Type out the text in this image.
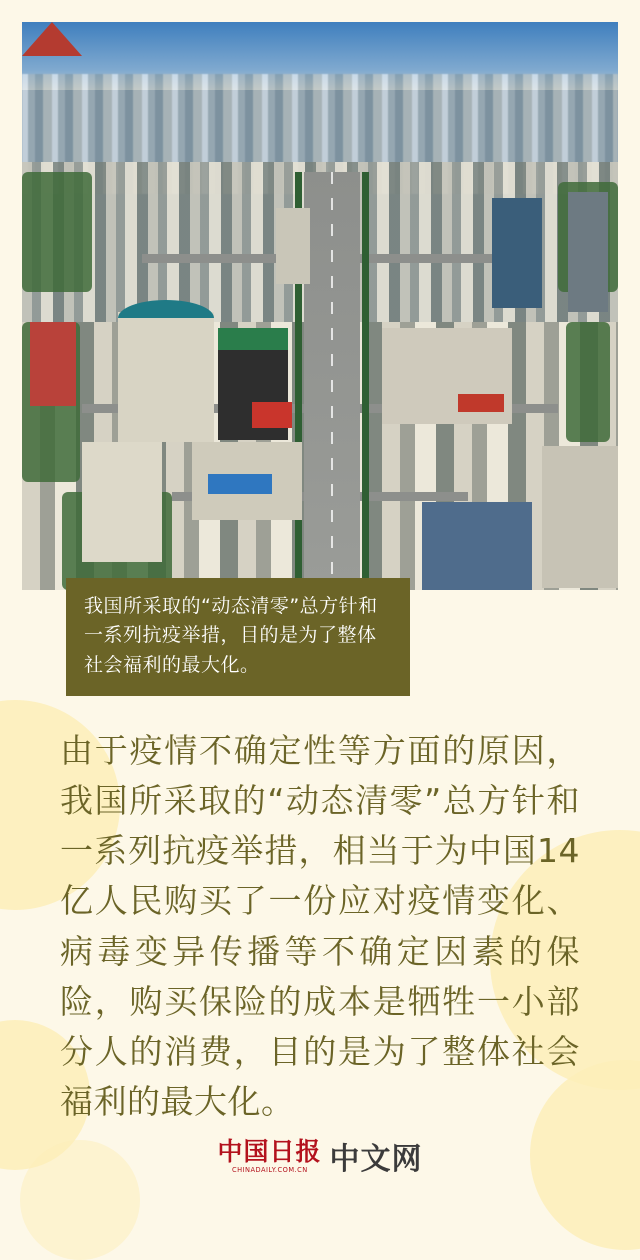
我国所采取的“动态清零”总方针和一系列抗疫举措，目的是为了整体社会福利的最大化。
由于疫情不确定性等方面的原因，我国所采取的“动态清零”总方针和一系列抗疫举措，相当于为中国14亿人民购买了一份应对疫情变化、病毒变异传播等不确定因素的保险，购买保险的成本是牺牲一小部分人的消费，目的是为了整体社会福利的最大化。
中国日报
CHINADAILY.COM.CN 中文网
